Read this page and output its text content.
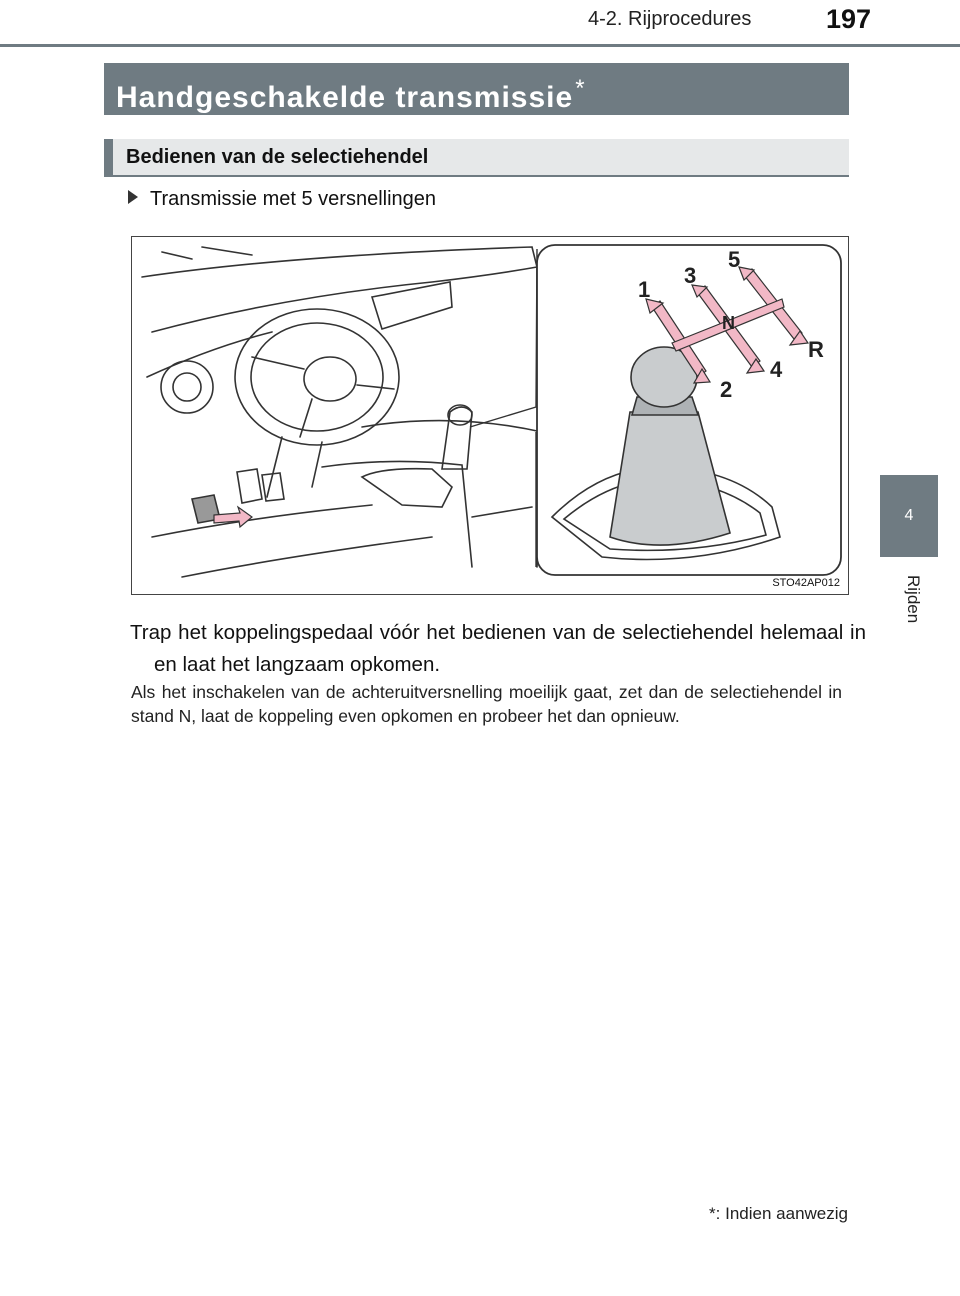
4-2. Rijprocedures	197
4
Rijden
Handgeschakelde transmissie*
Bedienen van de selectiehendel
Transmissie met 5 versnellingen
1
2
3
4
5
N
R
STO42AP012
Trap het koppelingspedaal vóór het bedienen van de selectiehendel helemaal in en laat het langzaam opkomen.
Als het inschakelen van de achteruitversnelling moeilijk gaat, zet dan de selectiehendel in stand N, laat de koppeling even opkomen en probeer het dan opnieuw.
*: Indien aanwezig
